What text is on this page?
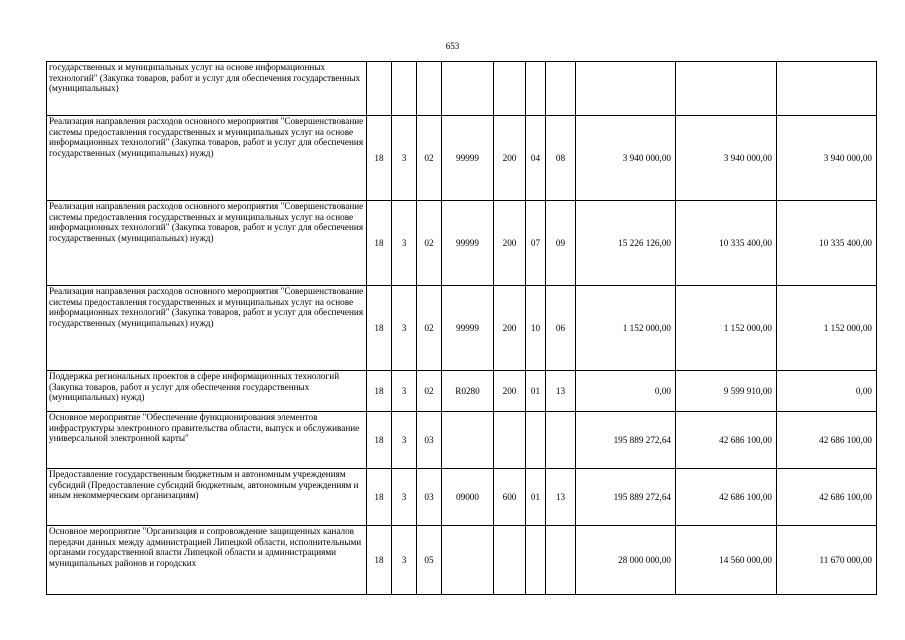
653
государственных и муниципальных услуг на основе информационных технологий" (Закупка товаров, работ и услуг для обеспечения государственных (муниципальных)										
Реализация направления расходов основного мероприятия "Совершенствование системы предоставления государственных и муниципальных услуг на основе информационных технологий" (Закупка товаров, работ и услуг для обеспечения государственных (муниципальных) нужд)	18	3	02	99999	200	04	08	3 940 000,00	3 940 000,00	3 940 000,00
Реализация направления расходов основного мероприятия "Совершенствование системы предоставления государственных и муниципальных услуг на основе информационных технологий" (Закупка товаров, работ и услуг для обеспечения государственных (муниципальных) нужд)	18	3	02	99999	200	07	09	15 226 126,00	10 335 400,00	10 335 400,00
Реализация направления расходов основного мероприятия "Совершенствование системы предоставления государственных и муниципальных услуг на основе информационных технологий" (Закупка товаров, работ и услуг для обеспечения государственных (муниципальных) нужд)	18	3	02	99999	200	10	06	1 152 000,00	1 152 000,00	1 152 000,00
Поддержка региональных проектов в сфере информационных технологий (Закупка товаров, работ и услуг для обеспечения государственных (муниципальных) нужд)	18	3	02	R0280	200	01	13	0,00	9 599 910,00	0,00
Основное мероприятие "Обеспечение функционирования элементов инфраструктуры электронного правительства области, выпуск и обслуживание универсальной электронной карты"	18	3	03					195 889 272,64	42 686 100,00	42 686 100,00
Предоставление государственным бюджетным и автономным учреждениям субсидий (Предоставление субсидий бюджетным, автономным учреждениям и иным некоммерческим организациям)	18	3	03	09000	600	01	13	195 889 272,64	42 686 100,00	42 686 100,00
Основное мероприятие "Организация и сопровождение защищенных каналов передачи данных между администрацией Липецкой области, исполнительными органами государственной власти Липецкой области и администрациями муниципальных районов и городских	18	3	05					28 000 000,00	14 560 000,00	11 670 000,00
